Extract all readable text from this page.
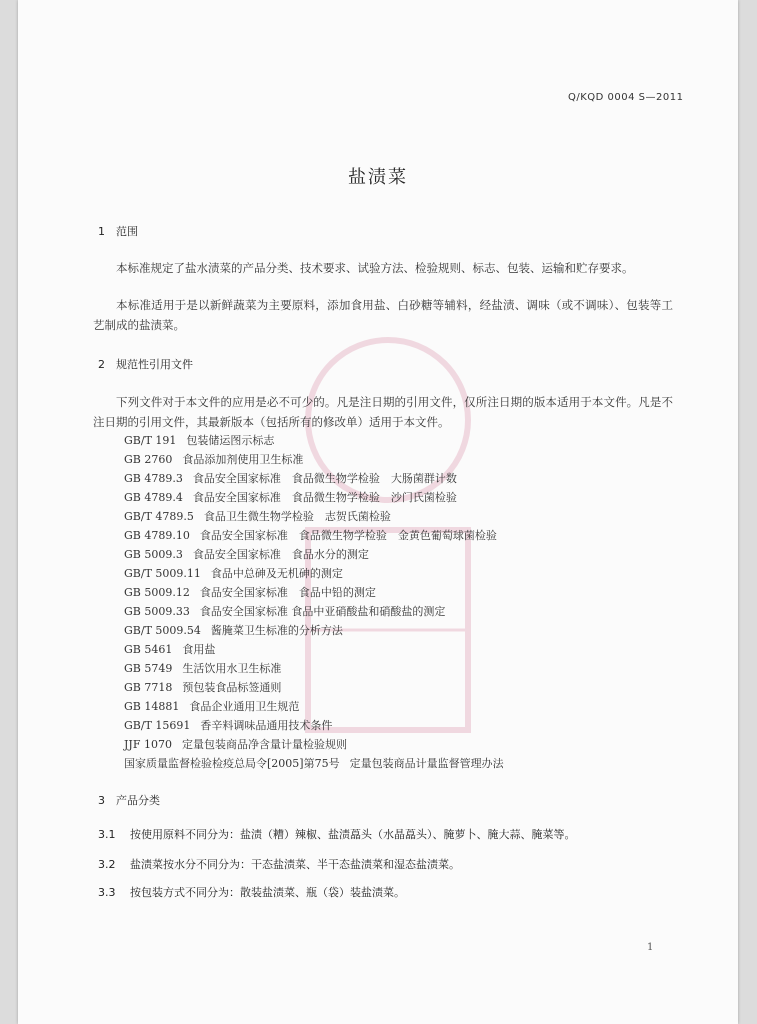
Q/KQD 0004 S—2011
盐渍菜
1 范围
本标准规定了盐水渍菜的产品分类、技术要求、试验方法、检验规则、标志、包装、运输和贮存要求。
本标准适用于是以新鲜蔬菜为主要原料，添加食用盐、白砂糖等辅料，经盐渍、调味（或不调味）、包装等工艺制成的盐渍菜。
2 规范性引用文件
下列文件对于本文件的应用是必不可少的。凡是注日期的引用文件，仅所注日期的版本适用于本文件。凡是不注日期的引用文件，其最新版本（包括所有的修改单）适用于本文件。
GB/T 191 包装储运图示标志
GB 2760 食品添加剂使用卫生标准
GB 4789.3 食品安全国家标准　食品微生物学检验　大肠菌群计数
GB 4789.4 食品安全国家标准　食品微生物学检验　沙门氏菌检验
GB/T 4789.5 食品卫生微生物学检验　志贺氏菌检验
GB 4789.10 食品安全国家标准　食品微生物学检验　金黄色葡萄球菌检验
GB 5009.3 食品安全国家标准　食品水分的测定
GB/T 5009.11 食品中总砷及无机砷的测定
GB 5009.12 食品安全国家标准　食品中铅的测定
GB 5009.33 食品安全国家标准 食品中亚硝酸盐和硝酸盐的测定
GB/T 5009.54 酱腌菜卫生标准的分析方法
GB 5461 食用盐
GB 5749 生活饮用水卫生标准
GB 7718 预包装食品标签通则
GB 14881 食品企业通用卫生规范
GB/T 15691 香辛料调味品通用技术条件
JJF 1070 定量包装商品净含量计量检验规则
国家质量监督检验检疫总局令[2005]第75号 定量包装商品计量监督管理办法
3 产品分类
3.1 按使用原料不同分为：盐渍（糟）辣椒、盐渍藠头（水晶藠头）、腌萝卜、腌大蒜、腌菜等。
3.2 盐渍菜按水分不同分为：干态盐渍菜、半干态盐渍菜和湿态盐渍菜。
3.3 按包装方式不同分为：散装盐渍菜、瓶（袋）装盐渍菜。
1
